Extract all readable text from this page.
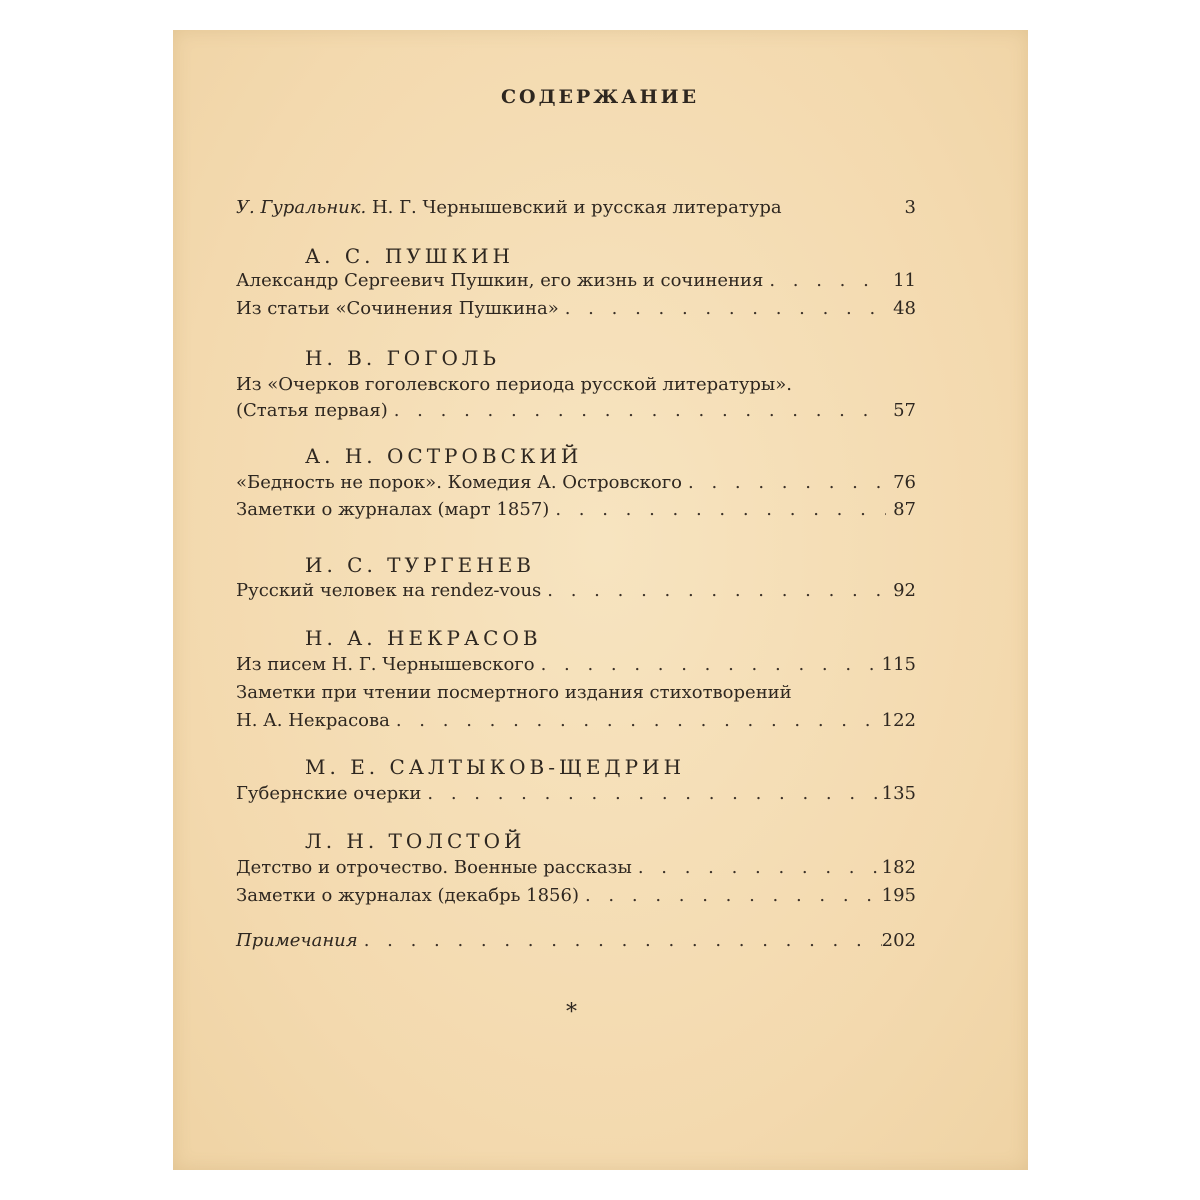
СОДЕРЖАНИЕ
У. Гуральник. Н. Г. Чернышевский и русская литература	3
А. С. ПУШКИН
Александр Сергеевич Пушкин, его жизнь и сочинения . . .	11
Из статьи «Сочинения Пушкина» . . .	48
Н. В. ГОГОЛЬ
Из «Очерков гоголевского периода русской литературы».
(Статья первая) . . .	57
А. Н. ОСТРОВСКИЙ
«Бедность не порок». Комедия А. Островского . . .	76
Заметки о журналах (март 1857) . . .	87
И. С. ТУРГЕНЕВ
Русский человек на rendez-vous . . .	92
Н. А. НЕКРАСОВ
Из писем Н. Г. Чернышевского . . .	115
Заметки при чтении посмертного издания стихотворений
Н. А. Некрасова . . .	122
М. Е. САЛТЫКОВ-ЩЕДРИН
Губернские очерки . . .	135
Л. Н. ТОЛСТОЙ
Детство и отрочество. Военные рассказы . . .	182
Заметки о журналах (декабрь 1856) . . .	195
Примечания . . .	202
*
